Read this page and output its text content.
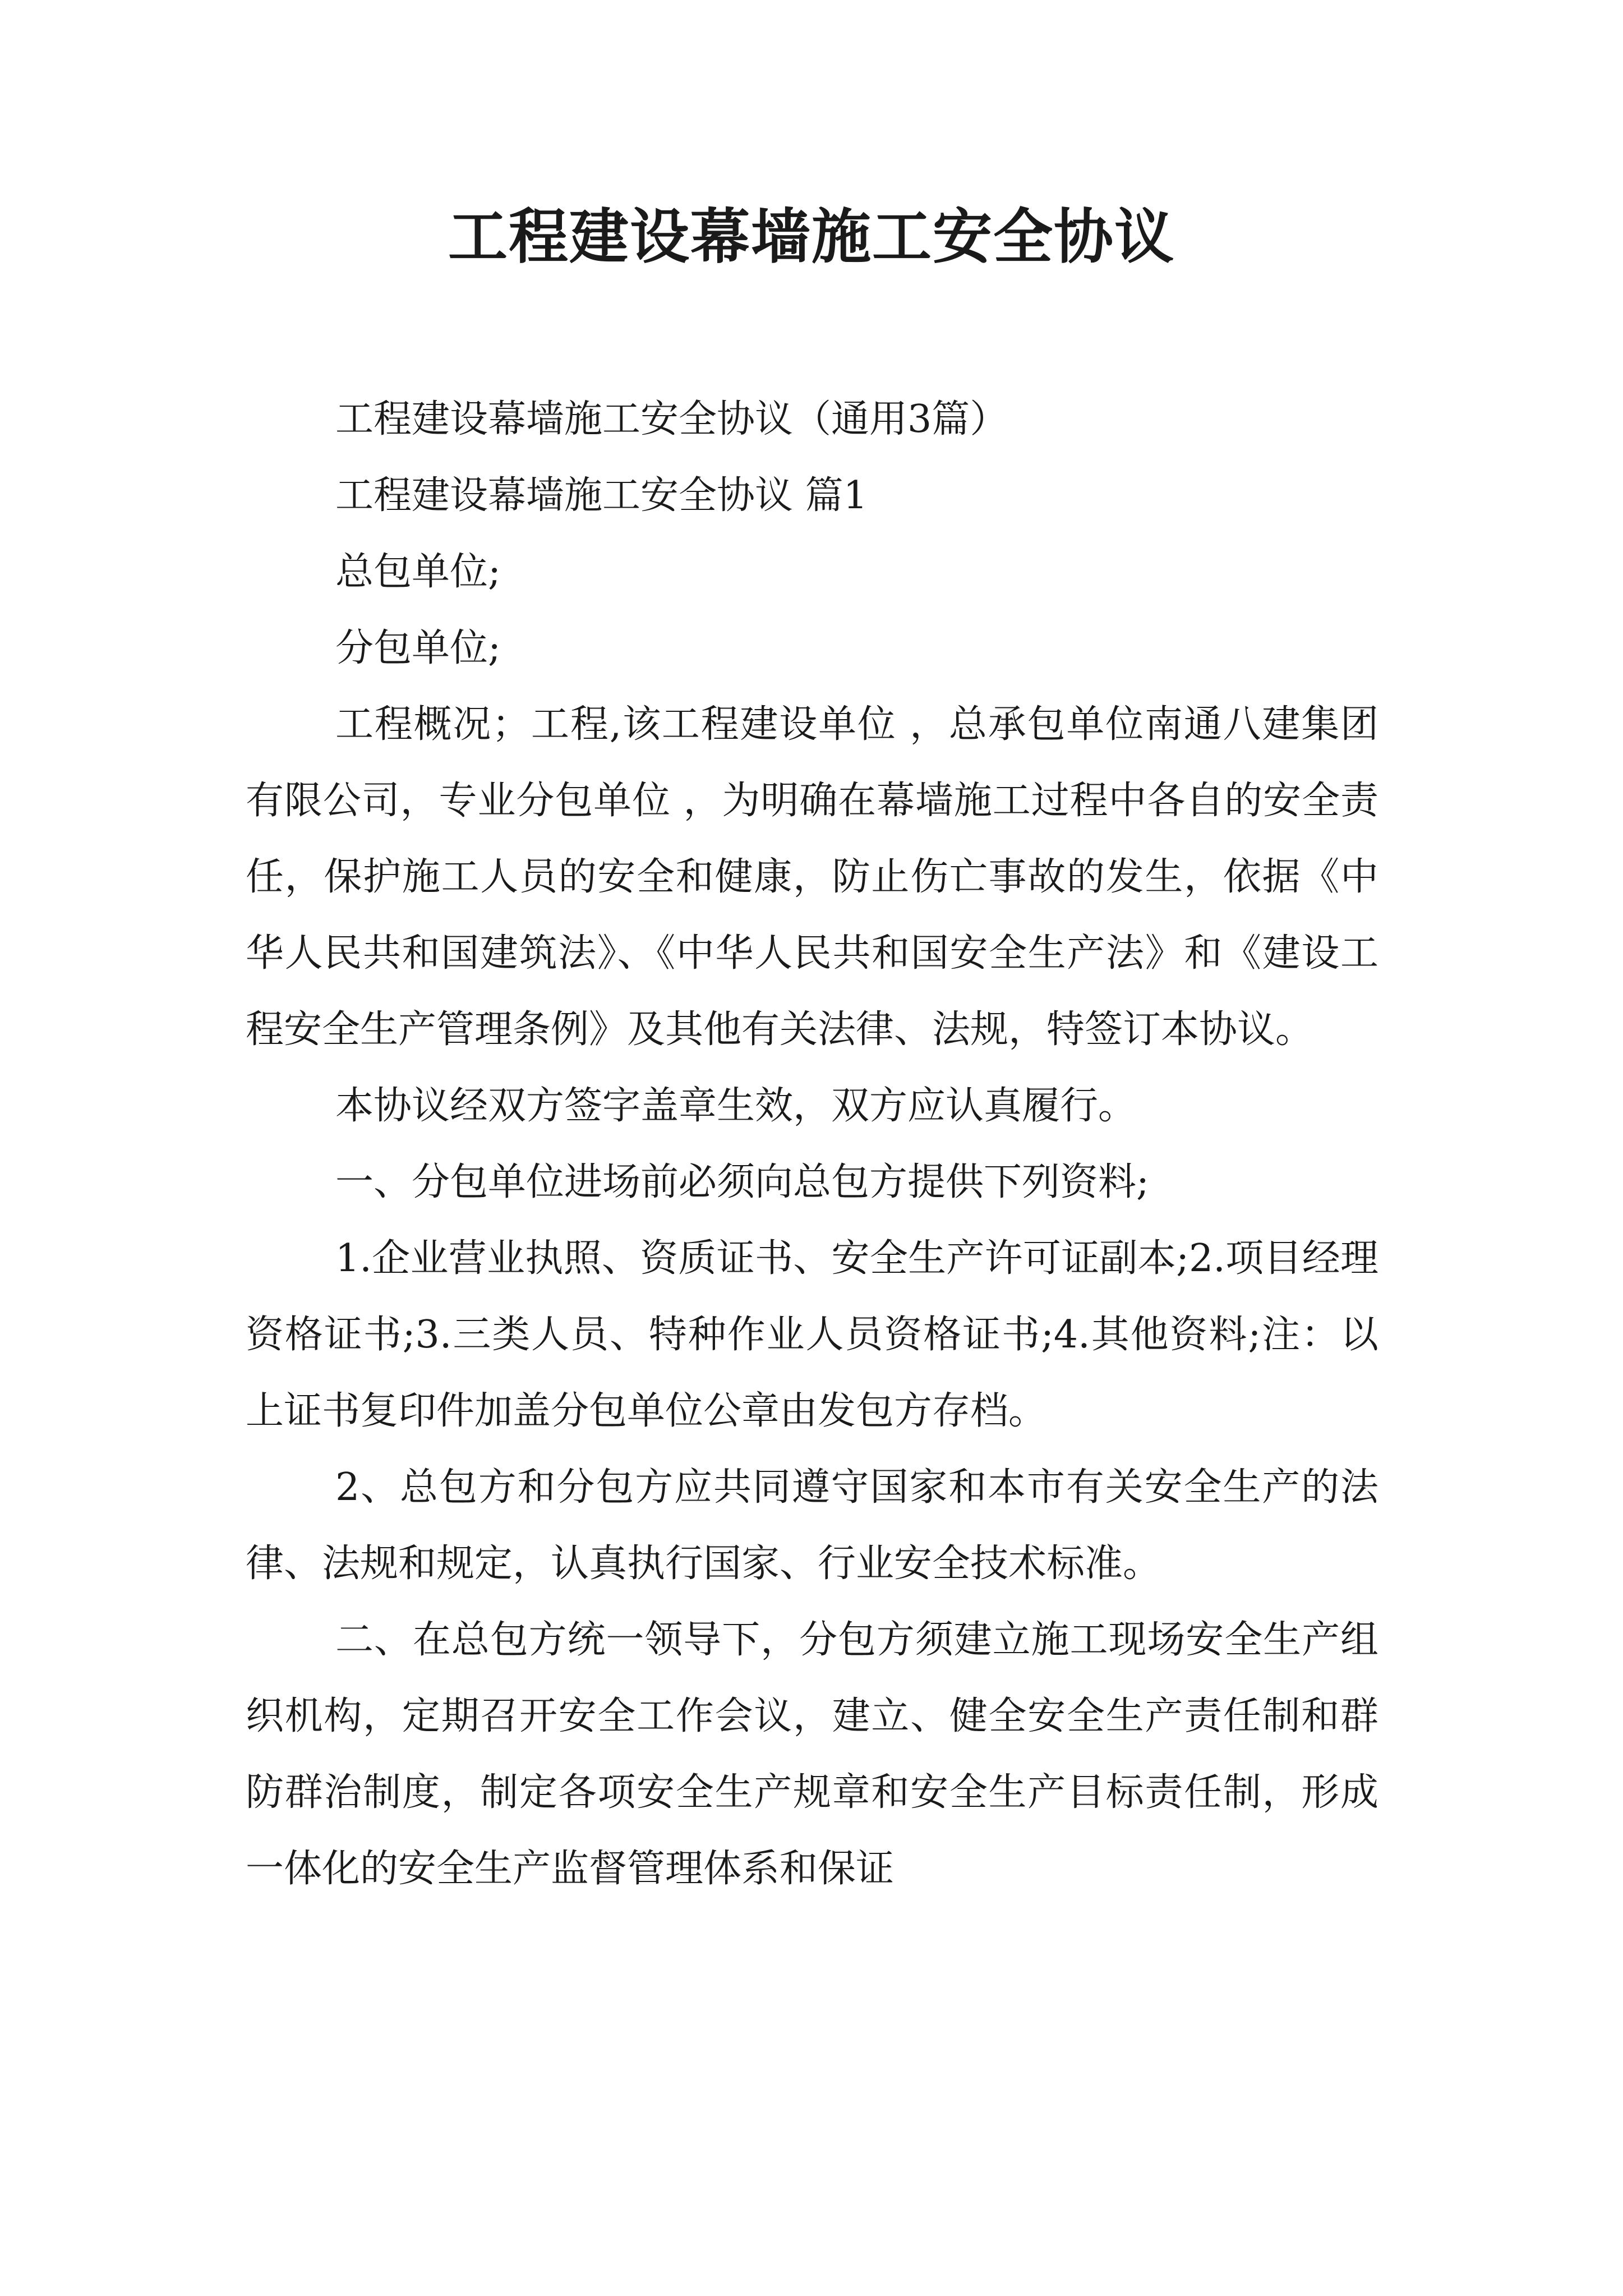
工程建设幕墙施工安全协议

工程建设幕墙施工安全协议（通用3篇）

工程建设幕墙施工安全协议 篇1

总包单位;

分包单位;

工程概况；工程,该工程建设单位 ，总承包单位南通八建集团有限公司，专业分包单位 ，为明确在幕墙施工过程中各自的安全责任，保护施工人员的安全和健康，防止伤亡事故的发生，依据《中华人民共和国建筑法》、《中华人民共和国安全生产法》和《建设工程安全生产管理条例》及其他有关法律、法规，特签订本协议。

本协议经双方签字盖章生效，双方应认真履行。

一、分包单位进场前必须向总包方提供下列资料;

1.企业营业执照、资质证书、安全生产许可证副本;2.项目经理资格证书;3.三类人员、特种作业人员资格证书;4.其他资料;注：以上证书复印件加盖分包单位公章由发包方存档。

2、总包方和分包方应共同遵守国家和本市有关安全生产的法律、法规和规定，认真执行国家、行业安全技术标准。

二、在总包方统一领导下，分包方须建立施工现场安全生产组织机构，定期召开安全工作会议，建立、健全安全生产责任制和群防群治制度，制定各项安全生产规章和安全生产目标责任制，形成一体化的安全生产监督管理体系和保证
